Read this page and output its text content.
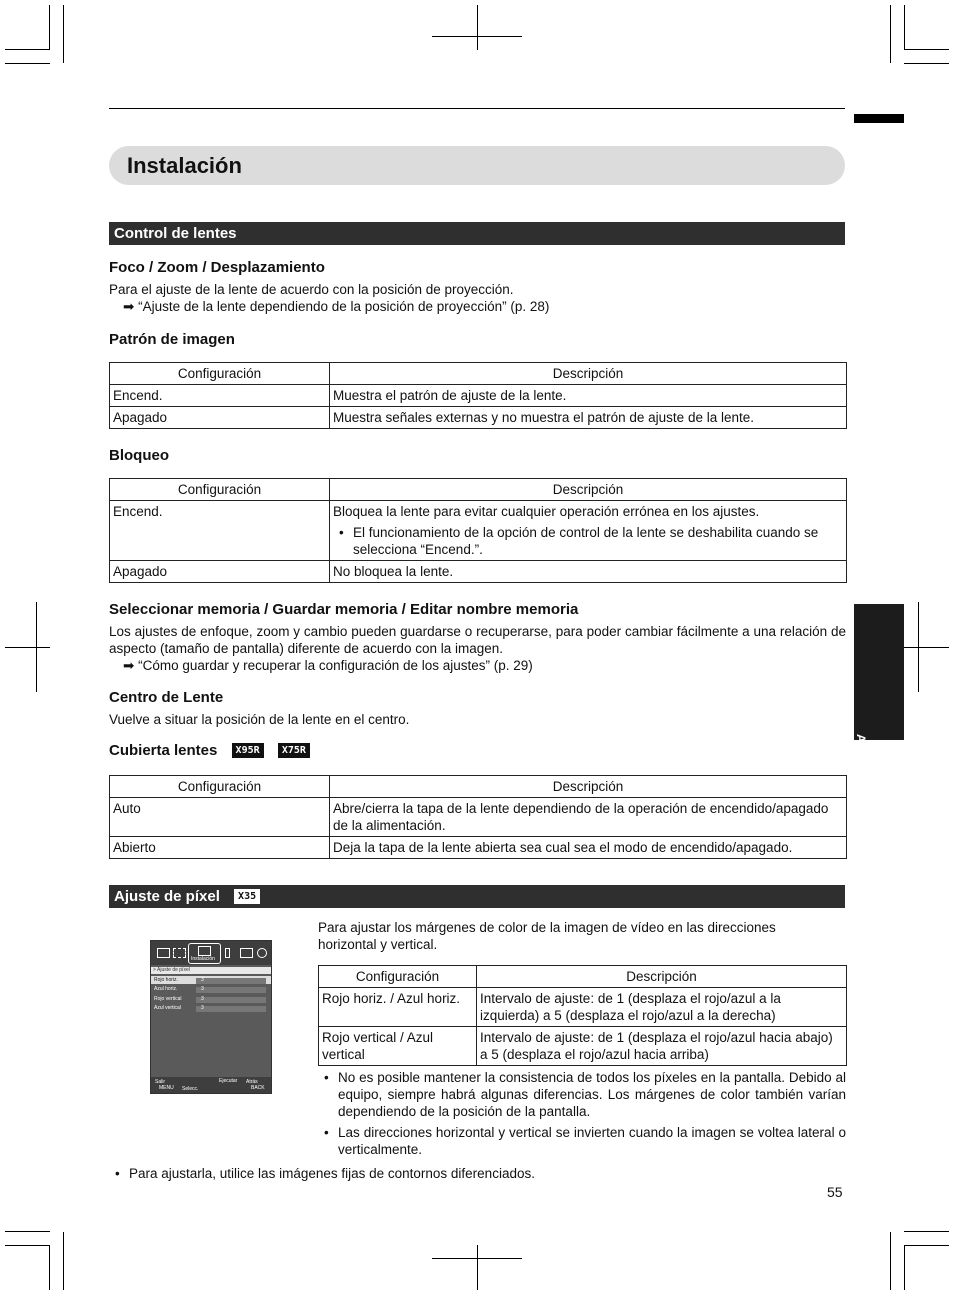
Instalación
Control de lentes
Foco / Zoom / Desplazamiento
Para el ajuste de la lente de acuerdo con la posición de proyección.
➡ “Ajuste de la lente dependiendo de la posición de proyección” (p. 28)
Patrón de imagen
Configuración	Descripción
Encend.	Muestra el patrón de ajuste de la lente.
Apagado	Muestra señales externas y no muestra el patrón de ajuste de la lente.
Bloqueo
Configuración	Descripción
Encend.	Bloquea la lente para evitar cualquier operación errónea en los ajustes.
• El funcionamiento de la opción de control de la lente se deshabilita cuando se selecciona “Encend.”.

Apagado	No bloquea la lente.
Seleccionar memoria / Guardar memoria / Editar nombre memoria
Los ajustes de enfoque, zoom y cambio pueden guardarse o recuperarse, para poder cambiar fácilmente a una relación de aspecto (tamaño de pantalla) diferente de acuerdo con la imagen.
➡ “Cómo guardar y recuperar la configuración de los ajustes” (p. 29)
Centro de Lente
Vuelve a situar la posición de la lente en el centro.
Cubierta lentes X95R X75R
Configuración	Descripción
Auto	Abre/cierra la tapa de la lente dependiendo de la operación de encendido/apagado de la alimentación.
Abierto	Deja la tapa de la lente abierta sea cual sea el modo de encendido/apagado.
Ajuste de píxel X35
Instalación
> Ajuste de píxel
Rojo horiz.
Azul horiz.
Rojo vertical
Azul vertical
3
3
3
3
Salir
MENU Selecc.
Ejecutar Atrás
BACK
Para ajustar los márgenes de color de la imagen de vídeo en las direcciones horizontal y vertical.
Configuración	Descripción
Rojo horiz. / Azul horiz.	Intervalo de ajuste: de 1 (desplaza el rojo/azul a la izquierda) a 5 (desplaza el rojo/azul a la derecha)
Rojo vertical / Azul vertical	Intervalo de ajuste: de 1 (desplaza el rojo/azul hacia abajo) a 5 (desplaza el rojo/azul hacia arriba)
• No es posible mantener la consistencia de todos los píxeles en la pantalla. Debido al equipo, siempre habrá algunas diferencias. Los márgenes de color también varían dependiendo de la posición de la pantalla.
• Las direcciones horizontal y vertical se invierten cuando la imagen se voltea lateral o verticalmente.
• Para ajustarla, utilice las imágenes fijas de contornos diferenciados.
55
Ajuste/Configuración
